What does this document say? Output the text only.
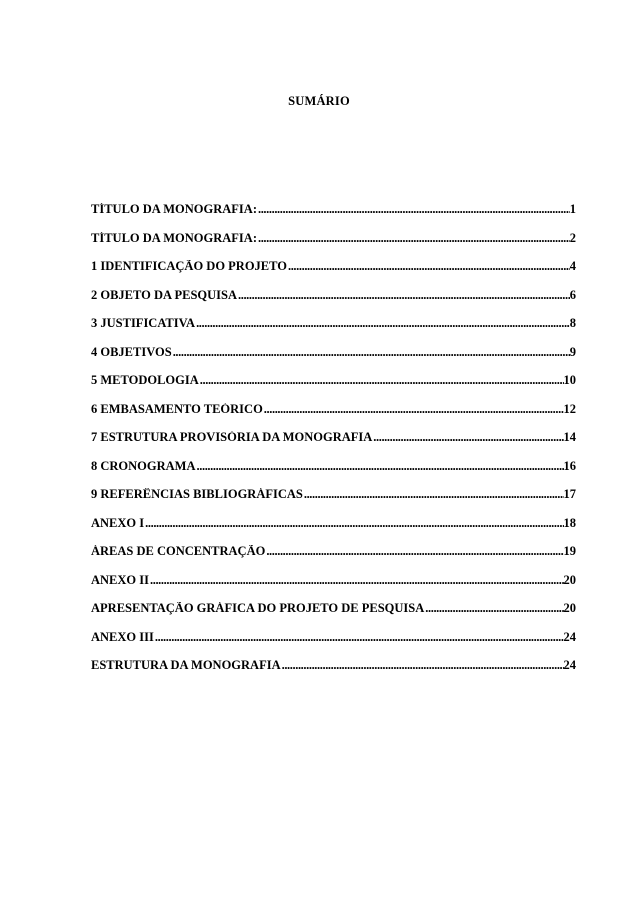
SUMÁRIO
TÍTULO DA MONOGRAFIA: .....	1
TÍTULO DA MONOGRAFIA: .....	2
1 IDENTIFICAÇÃO DO PROJETO .....	4
2 OBJETO DA PESQUISA .....	6
3 JUSTIFICATIVA .....	8
4 OBJETIVOS .....	9
5 METODOLOGIA .....	10
6 EMBASAMENTO TEÓRICO .....	12
7 ESTRUTURA PROVISÓRIA DA MONOGRAFIA .....	14
8 CRONOGRAMA .....	16
9 REFERÊNCIAS BIBLIOGRÁFICAS .....	17
ANEXO I .....	18
ÁREAS DE CONCENTRAÇÃO .....	19
ANEXO II .....	20
APRESENTAÇÃO GRÁFICA DO PROJETO DE PESQUISA .....	20
ANEXO III .....	24
ESTRUTURA DA MONOGRAFIA .....	24
